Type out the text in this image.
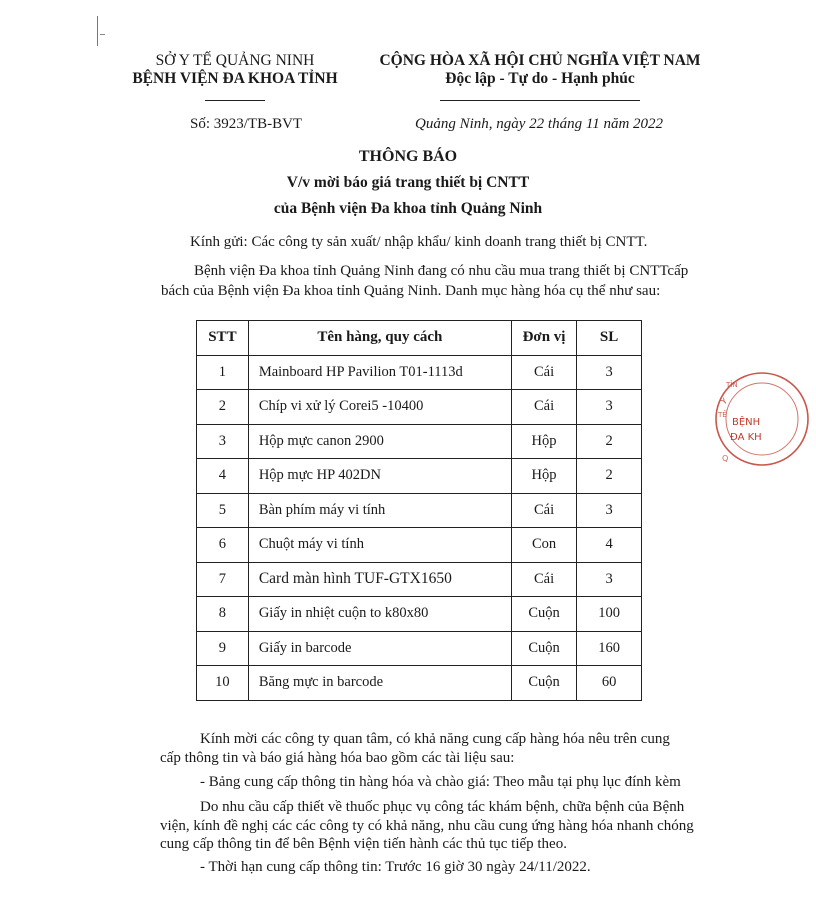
SỞ Y TẾ QUẢNG NINH
BỆNH VIỆN ĐA KHOA TỈNH
CỘNG HÒA XÃ HỘI CHỦ NGHĨA VIỆT NAM
Độc lập - Tự do - Hạnh phúc
Số: 3923/TB-BVT	Quảng Ninh, ngày 22 tháng 11 năm 2022
THÔNG BÁO
V/v mời báo giá trang thiết bị CNTT
của Bệnh viện Đa khoa tỉnh Quảng Ninh
Kính gửi: Các công ty sản xuất/ nhập khẩu/ kinh doanh trang thiết bị CNTT.
Bệnh viện Đa khoa tỉnh Quảng Ninh đang có nhu cầu mua trang thiết bị CNTTcấp
bách của Bệnh viện Đa khoa tỉnh Quảng Ninh. Danh mục hàng hóa cụ thể như sau:
STT	Tên hàng, quy cách	Đơn vị	SL
1	Mainboard HP Pavilion T01-1113d	Cái	3
2	Chíp vi xử lý Corei5 -10400	Cái	3
3	Hộp mực canon 2900	Hộp	2
4	Hộp mực HP 402DN	Hộp	2
5	Bàn phím máy vi tính	Cái	3
6	Chuột máy vi tính	Con	4
7	Card màn hình TUF-GTX1650	Cái	3
8	Giấy in nhiệt cuộn to k80x80	Cuộn	100
9	Giấy in barcode	Cuộn	160
10	Băng mực in barcode	Cuộn	60
Kính mời các công ty quan tâm, có khả năng cung cấp hàng hóa nêu trên cung
cấp thông tin và báo giá hàng hóa bao gồm các tài liệu sau:
- Bảng cung cấp thông tin hàng hóa và chào giá: Theo mẫu tại phụ lục đính kèm
Do nhu cầu cấp thiết về thuốc phục vụ công tác khám bệnh, chữa bệnh của Bệnh
viện, kính đề nghị các các công ty có khả năng, nhu cầu cung ứng hàng hóa nhanh chóng
cung cấp thông tin để bên Bệnh viện tiến hành các thủ tục tiếp theo.
- Thời hạn cung cấp thông tin: Trước 16 giờ 30 ngày 24/11/2022.
Y
TẾ
TỈN
BỆNH
ĐA KH
Q
